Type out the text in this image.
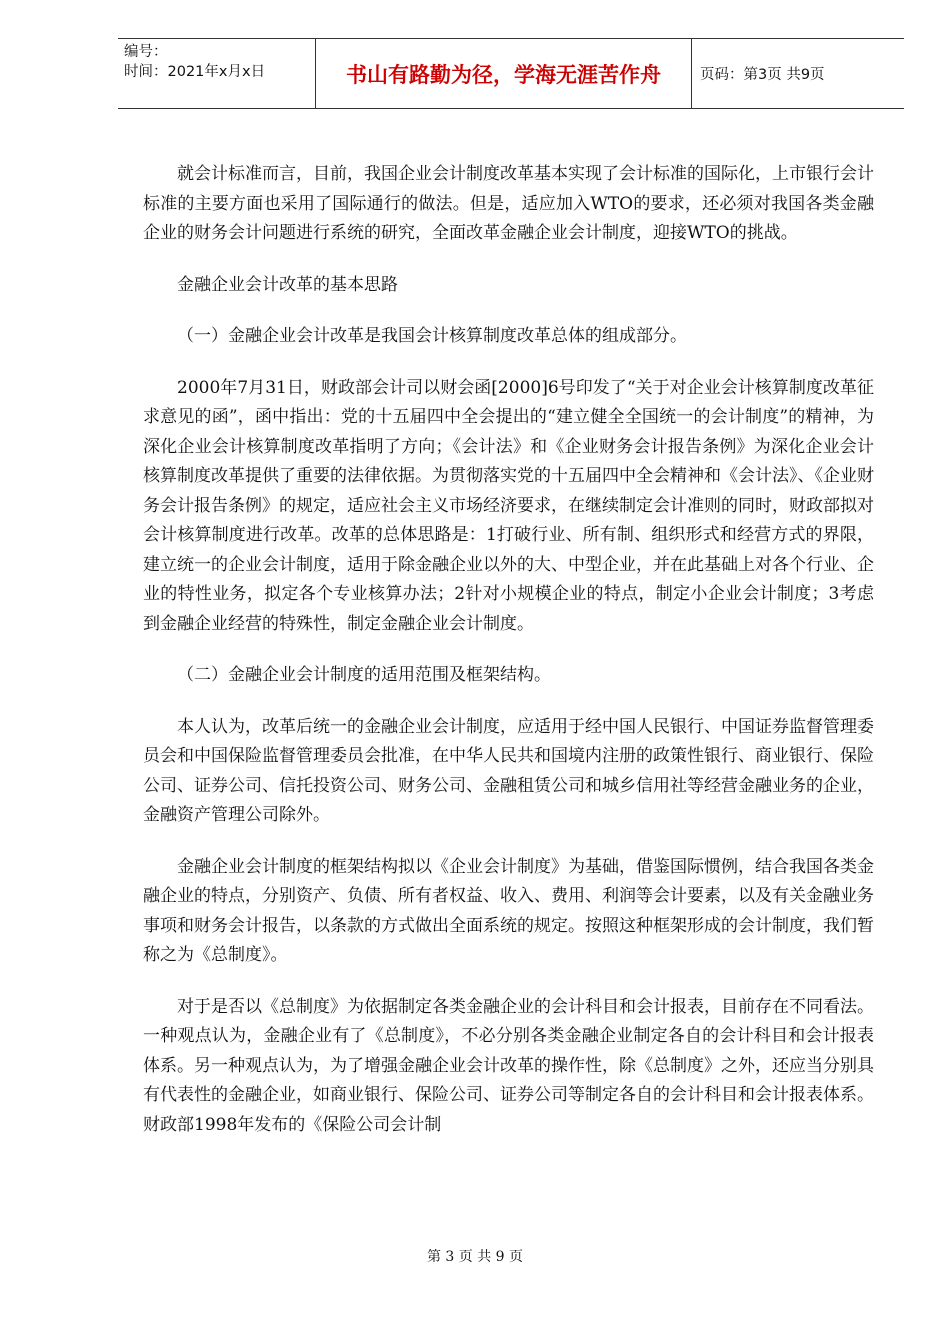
编号：
时间：2021年x月x日	书山有路勤为径，学海无涯苦作舟	页码：第3页 共9页

就会计标准而言，目前，我国企业会计制度改革基本实现了会计标准的国际化，上市银行会计标准的主要方面也采用了国际通行的做法。但是，适应加入WTO的要求，还必须对我国各类金融企业的财务会计问题进行系统的研究，全面改革金融企业会计制度，迎接WTO的挑战。

金融企业会计改革的基本思路

（一）金融企业会计改革是我国会计核算制度改革总体的组成部分。

2000年7月31日，财政部会计司以财会函[2000]6号印发了“关于对企业会计核算制度改革征求意见的函”，函中指出：党的十五届四中全会提出的“建立健全全国统一的会计制度”的精神，为深化企业会计核算制度改革指明了方向；《会计法》和《企业财务会计报告条例》为深化企业会计核算制度改革提供了重要的法律依据。为贯彻落实党的十五届四中全会精神和《会计法》、《企业财务会计报告条例》的规定，适应社会主义市场经济要求，在继续制定会计准则的同时，财政部拟对会计核算制度进行改革。改革的总体思路是：1打破行业、所有制、组织形式和经营方式的界限，建立统一的企业会计制度，适用于除金融企业以外的大、中型企业，并在此基础上对各个行业、企业的特性业务，拟定各个专业核算办法；2针对小规模企业的特点，制定小企业会计制度；3考虑到金融企业经营的特殊性，制定金融企业会计制度。

（二）金融企业会计制度的适用范围及框架结构。

本人认为，改革后统一的金融企业会计制度，应适用于经中国人民银行、中国证券监督管理委员会和中国保险监督管理委员会批准，在中华人民共和国境内注册的政策性银行、商业银行、保险公司、证券公司、信托投资公司、财务公司、金融租赁公司和城乡信用社等经营金融业务的企业，金融资产管理公司除外。

金融企业会计制度的框架结构拟以《企业会计制度》为基础，借鉴国际惯例，结合我国各类金融企业的特点，分别资产、负债、所有者权益、收入、费用、利润等会计要素，以及有关金融业务事项和财务会计报告，以条款的方式做出全面系统的规定。按照这种框架形成的会计制度，我们暂称之为《总制度》。

对于是否以《总制度》为依据制定各类金融企业的会计科目和会计报表，目前存在不同看法。一种观点认为，金融企业有了《总制度》，不必分别各类金融企业制定各自的会计科目和会计报表体系。另一种观点认为，为了增强金融企业会计改革的操作性，除《总制度》之外，还应当分别具有代表性的金融企业，如商业银行、保险公司、证券公司等制定各自的会计科目和会计报表体系。财政部1998年发布的《保险公司会计制

第 3 页 共 9 页
